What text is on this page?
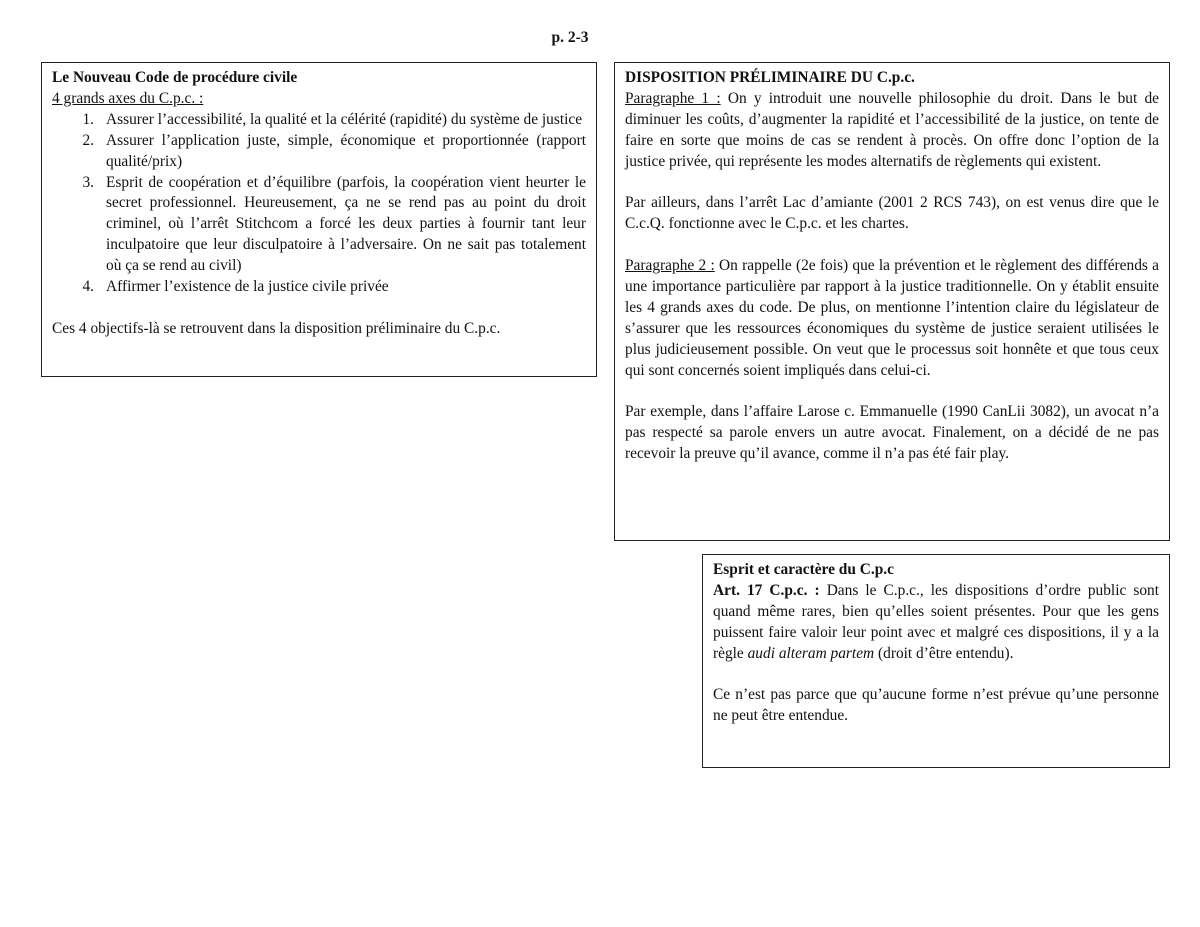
p. 2-3
Le Nouveau Code de procédure civile
4 grands axes du C.p.c. :
1. Assurer l’accessibilité, la qualité et la célérité (rapidité) du système de justice
2. Assurer l’application juste, simple, économique et proportionnée (rapport qualité/prix)
3. Esprit de coopération et d’équilibre (parfois, la coopération vient heurter le secret professionnel. Heureusement, ça ne se rend pas au point du droit criminel, où l’arrêt Stitchcom a forcé les deux parties à fournir tant leur inculpatoire que leur disculpatoire à l’adversaire. On ne sait pas totalement où ça se rend au civil)
4. Affirmer l’existence de la justice civile privée

Ces 4 objectifs-là se retrouvent dans la disposition préliminaire du C.p.c.

DISPOSITION PRÉLIMINAIRE DU C.p.c.

Paragraphe 1 : On y introduit une nouvelle philosophie du droit. Dans le but de diminuer les coûts, d’augmenter la rapidité et l’accessibilité de la justice, on tente de faire en sorte que moins de cas se rendent à procès. On offre donc l’option de la justice privée, qui représente les modes alternatifs de règlements qui existent.

Par ailleurs, dans l’arrêt Lac d’amiante (2001 2 RCS 743), on est venus dire que le C.c.Q. fonctionne avec le C.p.c. et les chartes.

Paragraphe 2 : On rappelle (2e fois) que la prévention et le règlement des différends a une importance particulière par rapport à la justice traditionnelle. On y établit ensuite les 4 grands axes du code. De plus, on mentionne l’intention claire du législateur de s’assurer que les ressources économiques du système de justice seraient utilisées le plus judicieusement possible. On veut que le processus soit honnête et que tous ceux qui sont concernés soient impliqués dans celui-ci.

Par exemple, dans l’affaire Larose c. Emmanuelle (1990 CanLii 3082), un avocat n’a pas respecté sa parole envers un autre avocat. Finalement, on a décidé de ne pas recevoir la preuve qu’il avance, comme il n’a pas été fair play.

Esprit et caractère du C.p.c

Art. 17 C.p.c. : Dans le C.p.c., les dispositions d’ordre public sont quand même rares, bien qu’elles soient présentes. Pour que les gens puissent faire valoir leur point avec et malgré ces dispositions, il y a la règle audi alteram partem (droit d’être entendu).

Ce n’est pas parce que qu’aucune forme n’est prévue qu’une personne ne peut être entendue.
